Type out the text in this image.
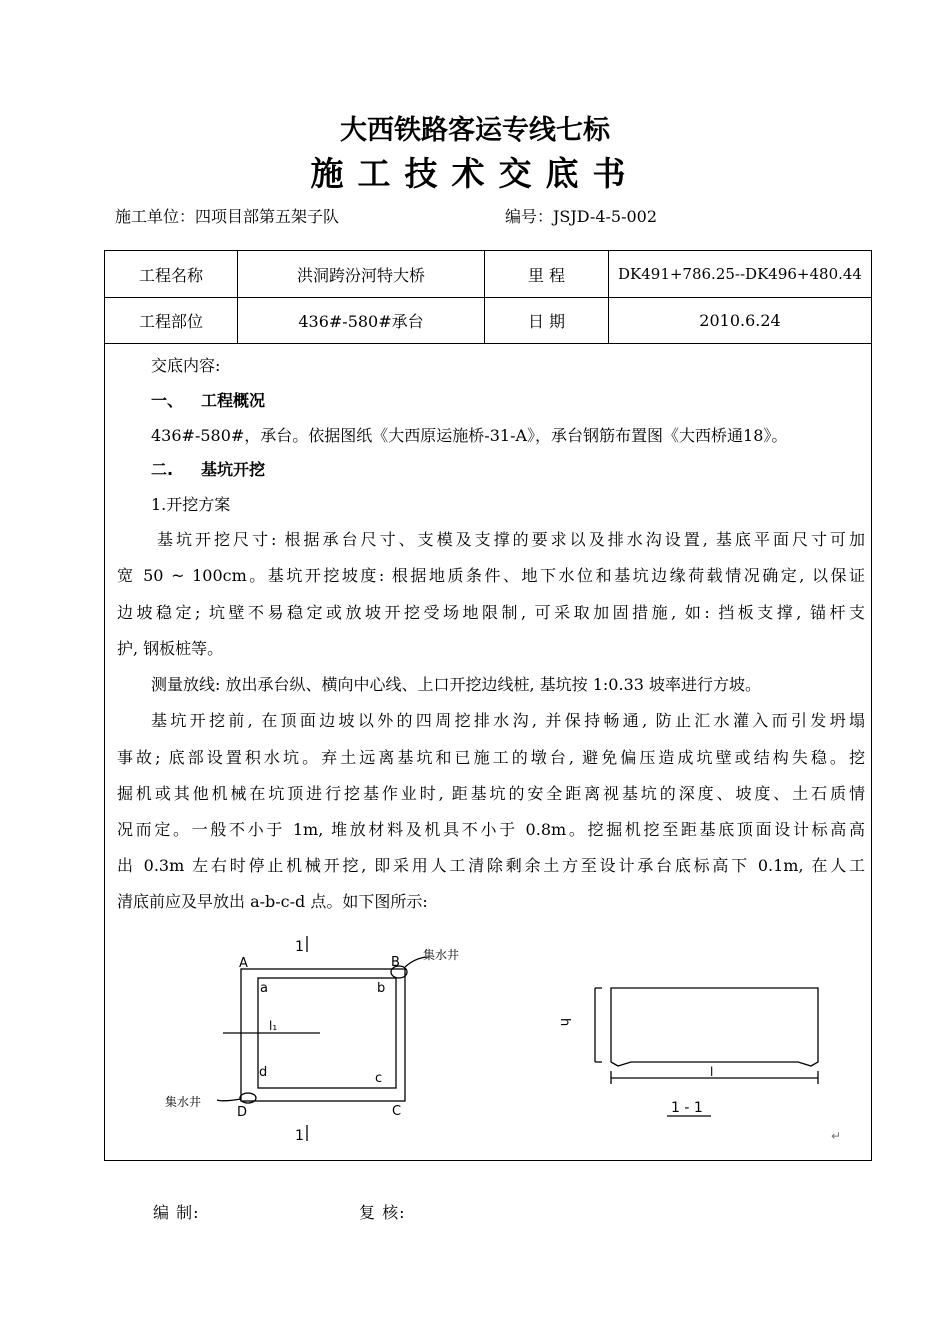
大西铁路客运专线七标
施工技术交底书
施工单位：四项目部第五架子队	编号：JSJD-4-5-002
工程名称	洪洞跨汾河特大桥	里 程	DK491+786.25--DK496+480.44
工程部位	436#-580#承台	日 期	2010.6.24
交底内容:
一、	工程概况
436#-580#，承台。依据图纸《大西原运施桥-31-A》，承台钢筋布置图《大西桥通18》。
二.	基坑开挖
1.开挖方案
基坑开挖尺寸: 根据承台尺寸、支模及支撑的要求以及排水沟设置, 基底平面尺寸可加
宽 50 ~ 100cm。基坑开挖坡度: 根据地质条件、地下水位和基坑边缘荷载情况确定, 以保证
边坡稳定; 坑壁不易稳定或放坡开挖受场地限制, 可采取加固措施, 如: 挡板支撑, 锚杆支
护, 钢板桩等。
测量放线: 放出承台纵、横向中心线、上口开挖边线桩, 基坑按 1:0.33 坡率进行方坡。
基坑开挖前, 在顶面边坡以外的四周挖排水沟, 并保持畅通, 防止汇水灌入而引发坍塌
事故; 底部设置积水坑。弃土远离基坑和已施工的墩台, 避免偏压造成坑壁或结构失稳。挖
掘机或其他机械在坑顶进行挖基作业时, 距基坑的安全距离视基坑的深度、坡度、土石质情
况而定。一般不小于 1m, 堆放材料及机具不小于 0.8m。挖掘机挖至距基底顶面设计标高高
出 0.3m 左右时停止机械开挖, 即采用人工清除剩余土方至设计承台底标高下 0.1m, 在人工
清底前应及早放出 a-b-c-d 点。如下图所示:
1
A	B
C
D
a	b
c
d
l₁
集水井
集水井
1
h
l
1 - 1
↵
编 制:	复 核:
